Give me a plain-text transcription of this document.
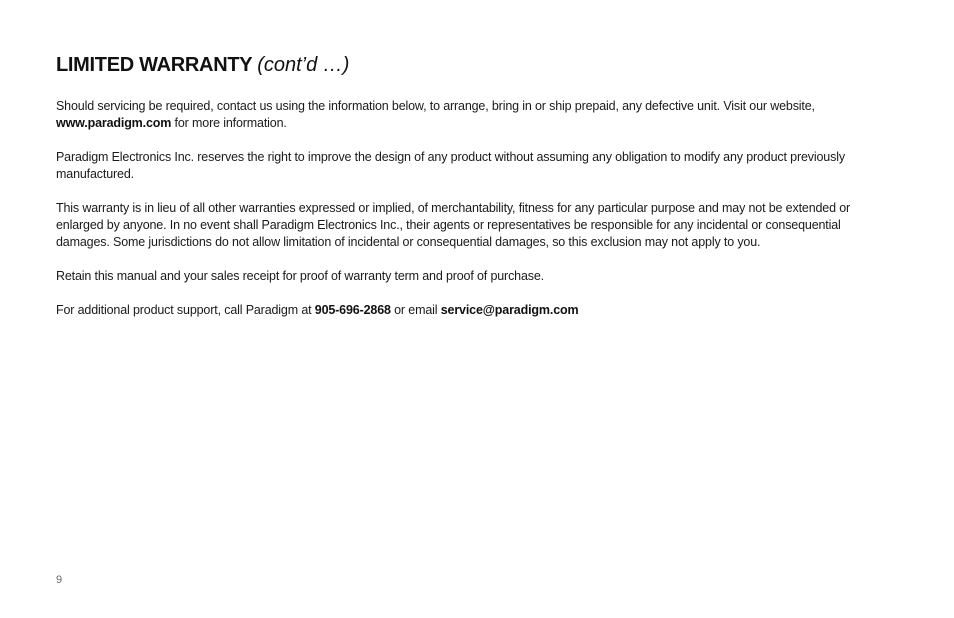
LIMITED WARRANTY (cont’d …)

Should servicing be required, contact us using the information below, to arrange, bring in or ship prepaid, any defective unit. Visit our website, www.paradigm.com for more information.

Paradigm Electronics Inc. reserves the right to improve the design of any product without assuming any obligation to modify any product previously manufactured.

This warranty is in lieu of all other warranties expressed or implied, of merchantability, fitness for any particular purpose and may not be extended or enlarged by anyone. In no event shall Paradigm Electronics Inc., their agents or representatives be responsible for any incidental or consequential damages. Some jurisdictions do not allow limitation of incidental or consequential damages, so this exclusion may not apply to you.

Retain this manual and your sales receipt for proof of warranty term and proof of purchase.

For additional product support, call Paradigm at 905-696-2868 or email service@paradigm.com

9
